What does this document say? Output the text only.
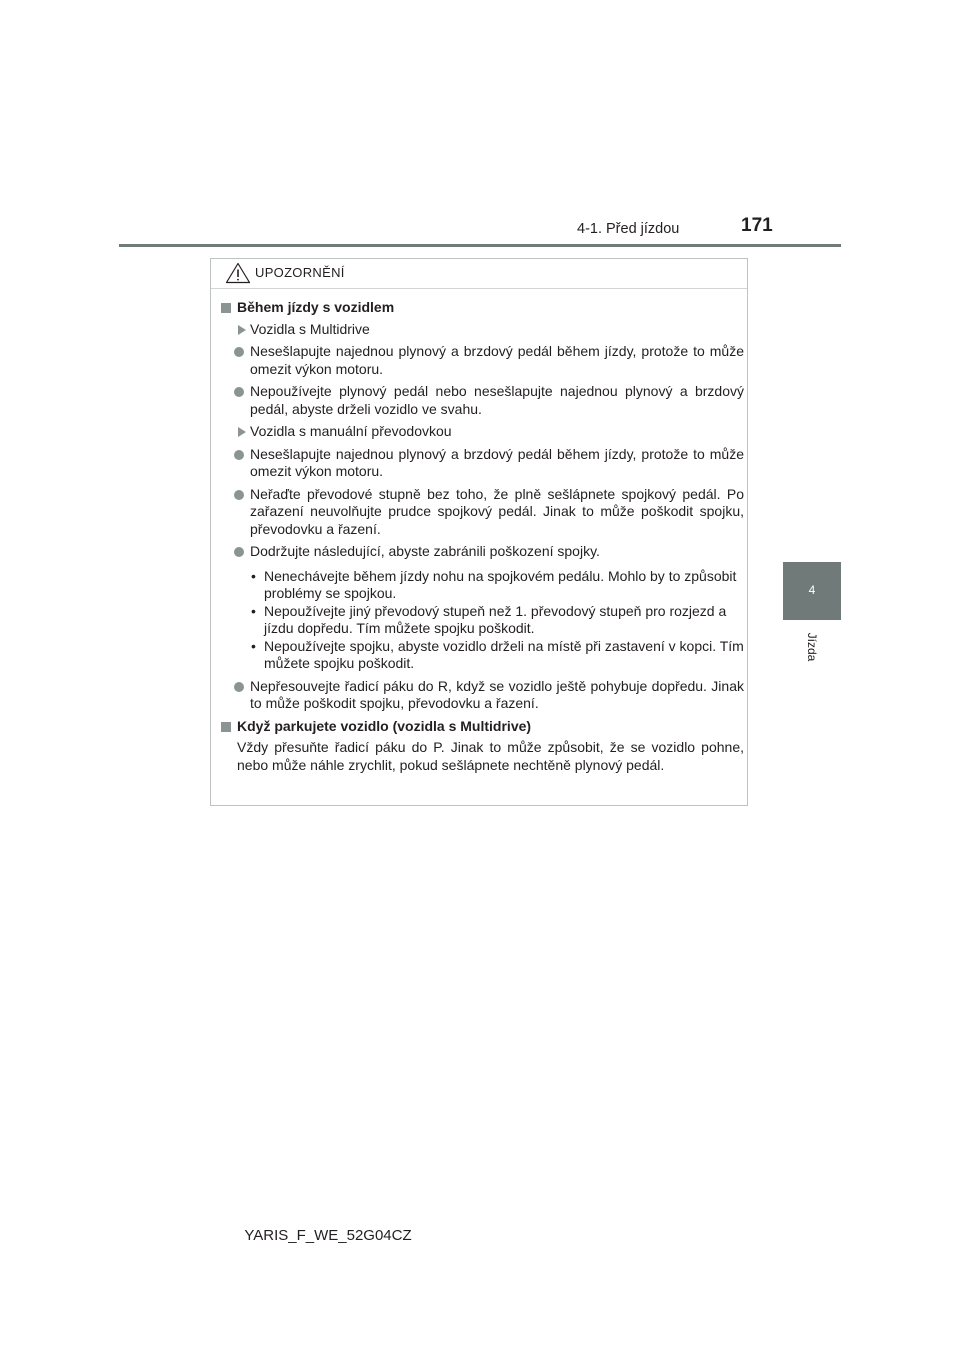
4-1. Před jízdou	171
4
Jízda
UPOZORNĚNÍ
Během jízdy s vozidlem
Vozidla s Multidrive
Nesešlapujte najednou plynový a brzdový pedál během jízdy, protože to může omezit výkon motoru.
Nepoužívejte plynový pedál nebo nesešlapujte najednou plynový a brzdový pedál, abyste drželi vozidlo ve svahu.
Vozidla s manuální převodovkou
Nesešlapujte najednou plynový a brzdový pedál během jízdy, protože to může omezit výkon motoru.
Neřaďte převodové stupně bez toho, že plně sešlápnete spojkový pedál. Po zařazení neuvolňujte prudce spojkový pedál. Jinak to může poškodit spojku, převodovku a řazení.
Dodržujte následující, abyste zabránili poškození spojky.
• Nenechávejte během jízdy nohu na spojkovém pedálu. Mohlo by to způsobit problémy se spojkou.
• Nepoužívejte jiný převodový stupeň než 1. převodový stupeň pro rozjezd a jízdu dopředu. Tím můžete spojku poškodit.
• Nepoužívejte spojku, abyste vozidlo drželi na místě při zastavení v kopci. Tím můžete spojku poškodit.
Nepřesouvejte řadicí páku do R, když se vozidlo ještě pohybuje dopředu. Jinak to může poškodit spojku, převodovku a řazení.
Když parkujete vozidlo (vozidla s Multidrive)
Vždy přesuňte řadicí páku do P. Jinak to může způsobit, že se vozidlo pohne, nebo může náhle zrychlit, pokud sešlápnete nechtěně plynový pedál.
YARIS_F_WE_52G04CZ
